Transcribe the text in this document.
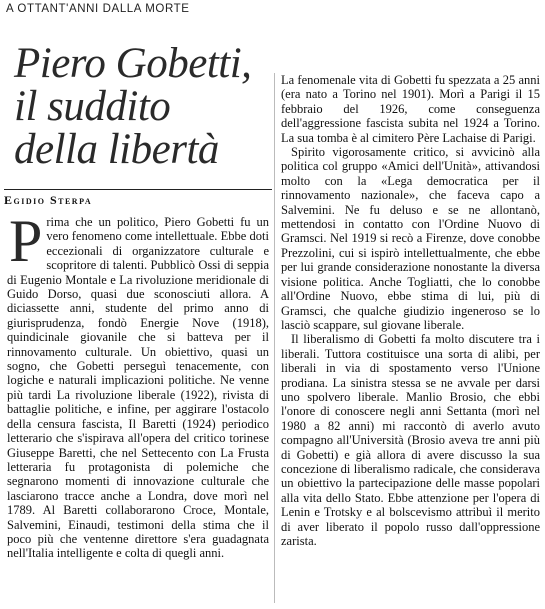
A OTTANT'ANNI DALLA MORTE
Piero Gobetti,
il suddito
della libertà
Egidio Sterpa

Prima che un politico, Piero Gobetti fu un vero fenomeno come intellettuale. Ebbe doti eccezionali di organizzatore culturale e scopritore di talenti. Pubblicò Ossi di seppia di Eugenio Montale e La rivoluzione meridionale di Guido Dorso, quasi due sconosciuti allora. A diciassette anni, studente del primo anno di giurisprudenza, fondò Energie Nove (1918), quindicinale giovanile che si batteva per il rinnovamento culturale. Un obiettivo, quasi un sogno, che Gobetti perseguì tenacemente, con logiche e naturali implicazioni politiche. Ne venne più tardi La rivoluzione liberale (1922), rivista di battaglie politiche, e infine, per aggirare l'ostacolo della censura fascista, Il Baretti (1924) periodico letterario che s'ispirava all'opera del critico torinese Giuseppe Baretti, che nel Settecento con La Frusta letteraria fu protagonista di polemiche che segnarono momenti di innovazione culturale che lasciarono tracce anche a Londra, dove morì nel 1789. Al Baretti collaborarono Croce, Montale, Salvemini, Einaudi, testimoni della stima che il poco più che ventenne direttore s'era guadagnata nell'Italia intelligente e colta di quegli anni.

La fenomenale vita di Gobetti fu spezzata a 25 anni (era nato a Torino nel 1901). Morì a Parigi il 15 febbraio del 1926, come conseguenza dell'aggressione fascista subita nel 1924 a Torino. La sua tomba è al cimitero Père Lachaise di Parigi.

Spirito vigorosamente critico, si avvicinò alla politica col gruppo «Amici dell'Unità», attivandosi molto con la «Lega democratica per il rinnovamento nazionale», che faceva capo a Salvemini. Ne fu deluso e se ne allontanò, mettendosi in contatto con l'Ordine Nuovo di Gramsci. Nel 1919 si recò a Firenze, dove conobbe Prezzolini, cui si ispirò intellettualmente, che ebbe per lui grande considerazione nonostante la diversa visione politica. Anche Togliatti, che lo conobbe all'Ordine Nuovo, ebbe stima di lui, più di Gramsci, che qualche giudizio ingeneroso se lo lasciò scappare, sul giovane liberale.

Il liberalismo di Gobetti fa molto discutere tra i liberali. Tuttora costituisce una sorta di alibi, per liberali in via di spostamento verso l'Unione prodiana. La sinistra stessa se ne avvale per darsi uno spolvero liberale. Manlio Brosio, che ebbi l'onore di conoscere negli anni Settanta (morì nel 1980 a 82 anni) mi raccontò di averlo avuto compagno all'Università (Brosio aveva tre anni più di Gobetti) e già allora di avere discusso la sua concezione di liberalismo radicale, che considerava un obiettivo la partecipazione delle masse popolari alla vita dello Stato. Ebbe attenzione per l'opera di Lenin e Trotsky e al bolscevismo attribuì il merito di aver liberato il popolo russo dall'oppressione zarista.
